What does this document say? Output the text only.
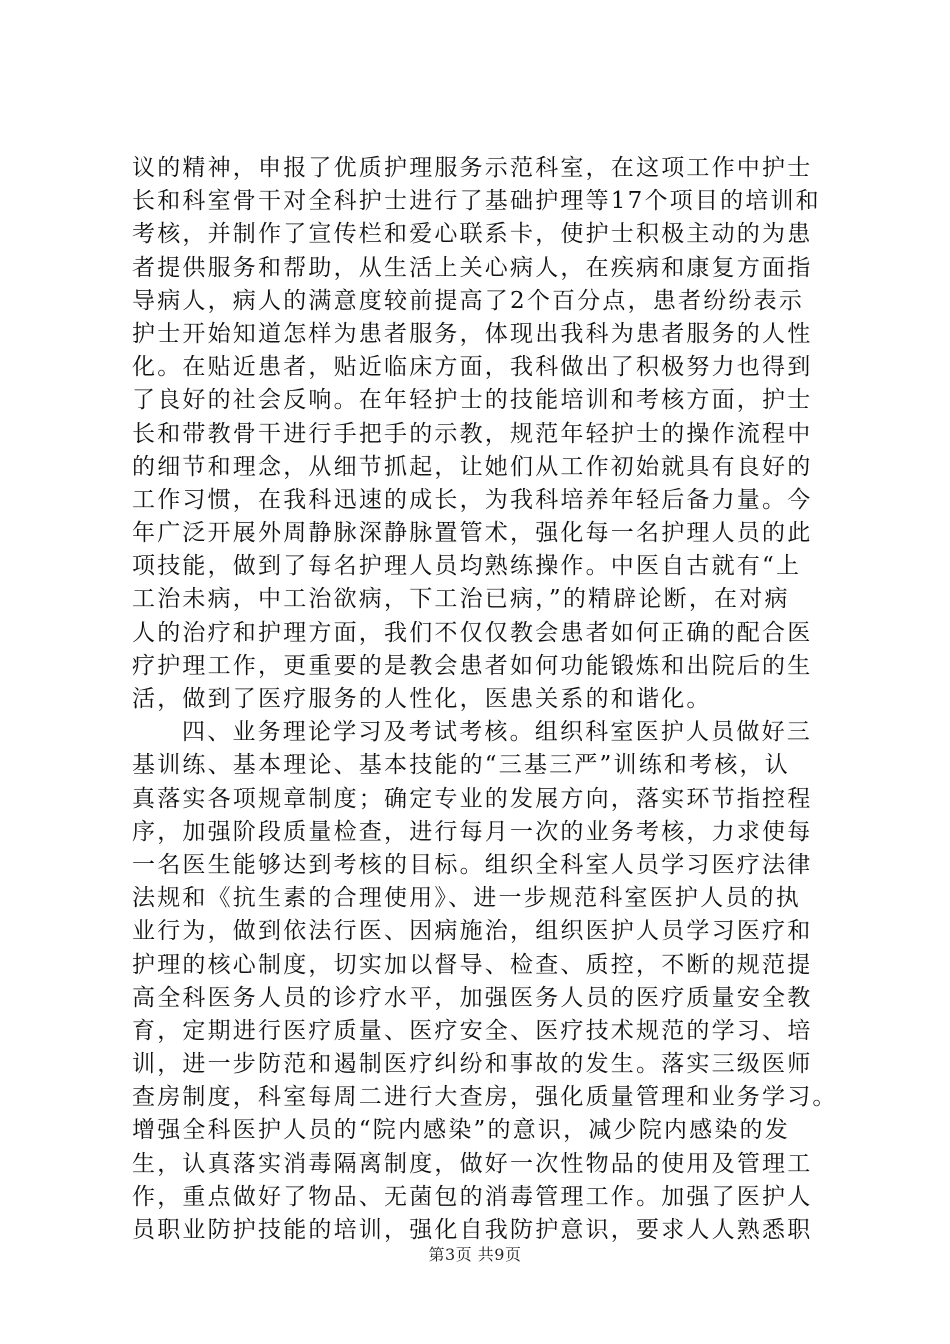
议的精神，申报了优质护理服务示范科室，在这项工作中护士
长和科室骨干对全科护士进行了基础护理等17个项目的培训和
考核，并制作了宣传栏和爱心联系卡，使护士积极主动的为患
者提供服务和帮助，从生活上关心病人，在疾病和康复方面指
导病人，病人的满意度较前提高了2个百分点，患者纷纷表示
护士开始知道怎样为患者服务，体现出我科为患者服务的人性
化。在贴近患者，贴近临床方面，我科做出了积极努力也得到
了良好的社会反响。在年轻护士的技能培训和考核方面，护士
长和带教骨干进行手把手的示教，规范年轻护士的操作流程中
的细节和理念，从细节抓起，让她们从工作初始就具有良好的
工作习惯，在我科迅速的成长，为我科培养年轻后备力量。今
年广泛开展外周静脉深静脉置管术，强化每一名护理人员的此
项技能，做到了每名护理人员均熟练操作。中医自古就有“上
工治未病，中工治欲病，下工治已病，”的精辟论断，在对病
人的治疗和护理方面，我们不仅仅教会患者如何正确的配合医
疗护理工作，更重要的是教会患者如何功能锻炼和出院后的生
活，做到了医疗服务的人性化，医患关系的和谐化。
四、业务理论学习及考试考核。组织科室医护人员做好三
基训练、基本理论、基本技能的“三基三严”训练和考核，认
真落实各项规章制度；确定专业的发展方向，落实环节指控程
序，加强阶段质量检查，进行每月一次的业务考核，力求使每
一名医生能够达到考核的目标。组织全科室人员学习医疗法律
法规和《抗生素的合理使用》、进一步规范科室医护人员的执
业行为，做到依法行医、因病施治，组织医护人员学习医疗和
护理的核心制度，切实加以督导、检查、质控，不断的规范提
高全科医务人员的诊疗水平，加强医务人员的医疗质量安全教
育，定期进行医疗质量、医疗安全、医疗技术规范的学习、培
训，进一步防范和遏制医疗纠纷和事故的发生。落实三级医师
查房制度，科室每周二进行大查房，强化质量管理和业务学习。
增强全科医护人员的“院内感染”的意识，减少院内感染的发
生，认真落实消毒隔离制度，做好一次性物品的使用及管理工
作，重点做好了物品、无菌包的消毒管理工作。加强了医护人
员职业防护技能的培训，强化自我防护意识，要求人人熟悉职
第3页 共9页
